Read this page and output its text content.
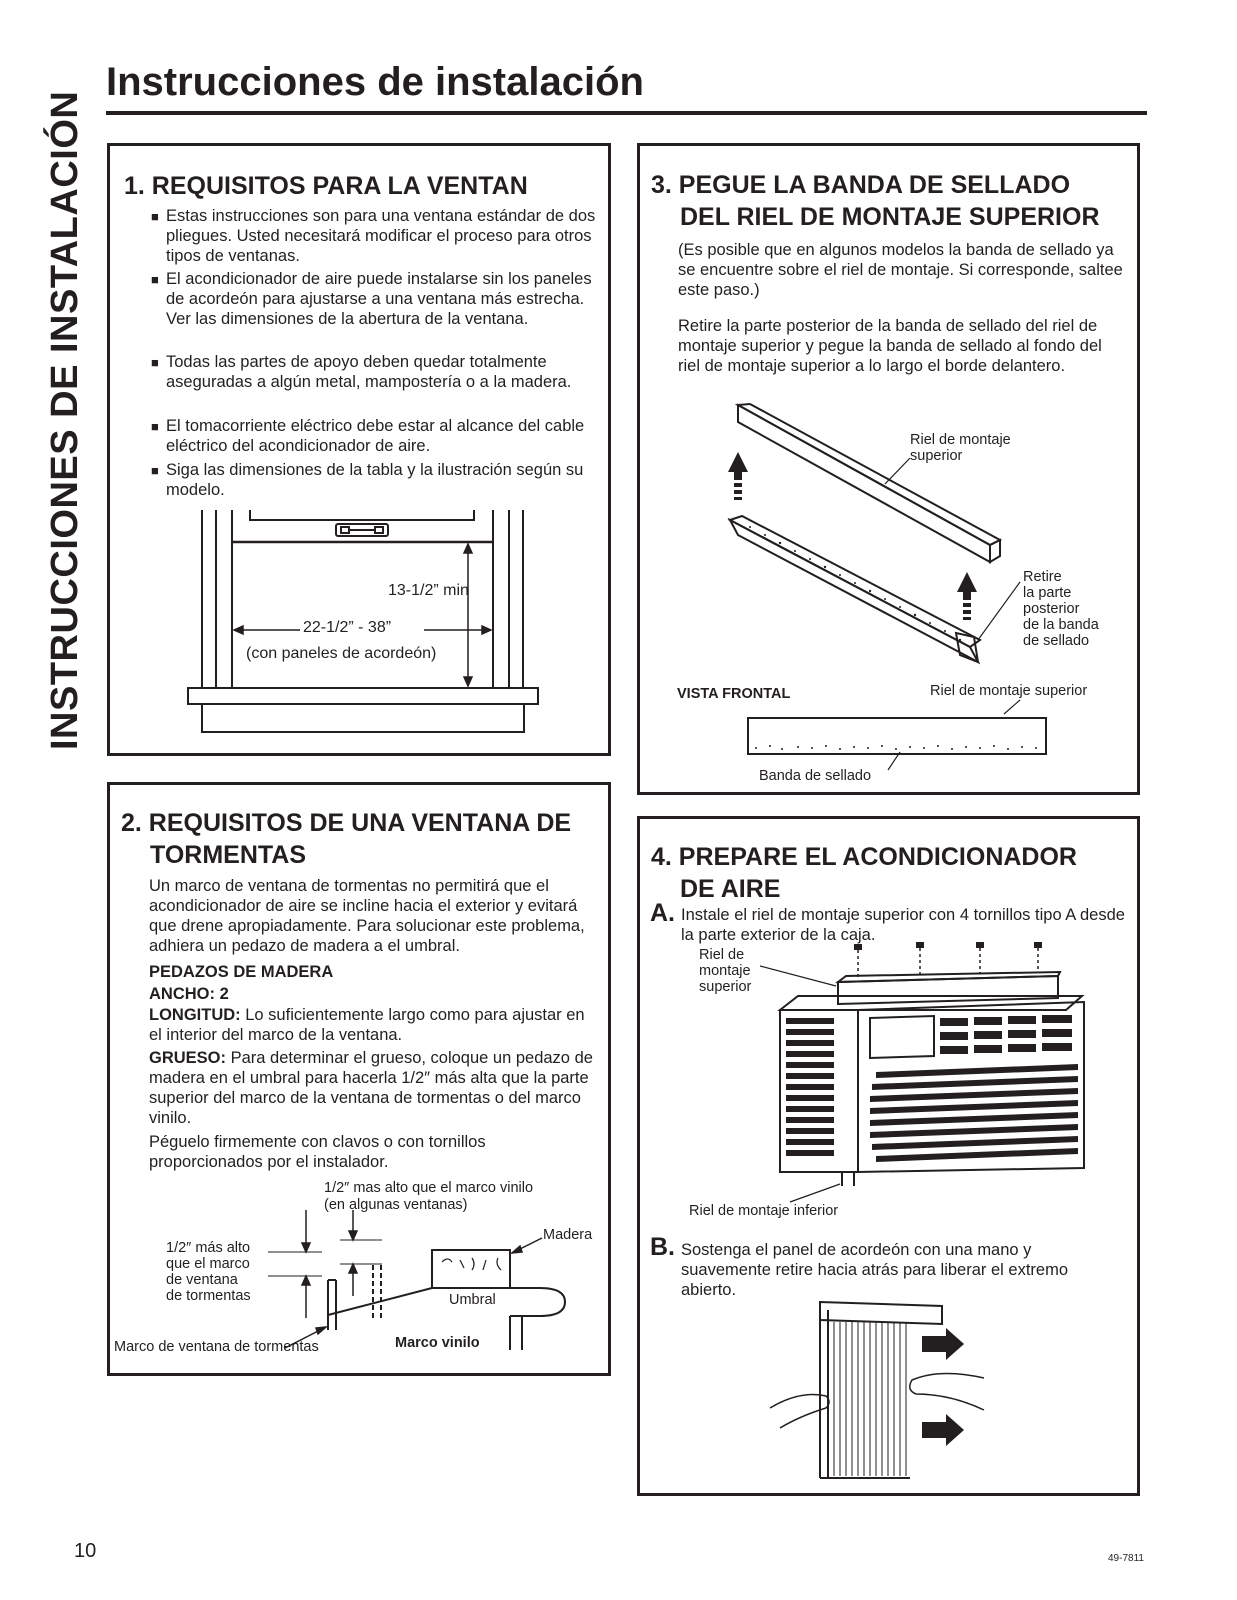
INSTRUCCIONES DE INSTALACIÓN
Instrucciones de instalación
1. REQUISITOS PARA LA VENTAN
■ Estas instrucciones son para una ventana estándar de dos pliegues. Usted necesitará modificar el proceso para otros tipos de ventanas.
■ El acondicionador de aire puede instalarse sin los paneles de acordeón para ajustarse a una ventana más estrecha. Ver las dimensiones de la abertura de la ventana.
■ Todas las partes de apoyo deben quedar totalmente aseguradas a algún metal, mampostería o a la madera.
■ El tomacorriente eléctrico debe estar al alcance del cable eléctrico del acondicionador de aire.
■ Siga las dimensiones de la tabla y la ilustración según su modelo.
13-1/2” min
22-1/2” - 38”
(con paneles de acordeón)
2. REQUISITOS DE UNA VENTANA DE
TORMENTAS
Un marco de ventana de tormentas no permitirá que el acondicionador de aire se incline hacia el exterior y evitará que drene apropiadamente. Para solucionar este problema, adhiera un pedazo de madera a el umbral.
PEDAZOS DE MADERA
ANCHO: 2
LONGITUD: Lo suficientemente largo como para ajustar en el interior del marco de la ventana.
GRUESO: Para determinar el grueso, coloque un pedazo de madera en el umbral para hacerla 1/2″ más alta que la parte superior del marco de la ventana de tormentas o del marco vinilo.
Péguelo firmemente con clavos o con tornillos proporcionados por el instalador.
1/2″ mas alto que el marco vinilo
(en algunas ventanas)
Madera
1/2″ más alto
que el marco
de ventana
de tormentas	Umbral
Marco de ventana de tormentas	Marco vinilo
3. PEGUE LA BANDA DE SELLADO
DEL RIEL DE MONTAJE SUPERIOR
(Es posible que en algunos modelos la banda de sellado ya se encuentre sobre el riel de montaje. Si corresponde, saltee este paso.)
Retire la parte posterior de la banda de sellado del riel de montaje superior y pegue la banda de sellado al fondo del riel de montaje superior a lo largo el borde delantero.
Riel de montaje
superior
Retire
la parte
posterior
de la banda
de sellado
VISTA FRONTAL	Riel de montaje superior
Banda de sellado
4. PREPARE EL ACONDICIONADOR
DE AIRE
A. Instale el riel de montaje superior con 4 tornillos tipo A desde la parte exterior de la caja.
Riel de
montaje
superior
Riel de montaje inferior
B. Sostenga el panel de acordeón con una mano y suavemente retire hacia atrás para liberar el extremo abierto.
10	49-7811
